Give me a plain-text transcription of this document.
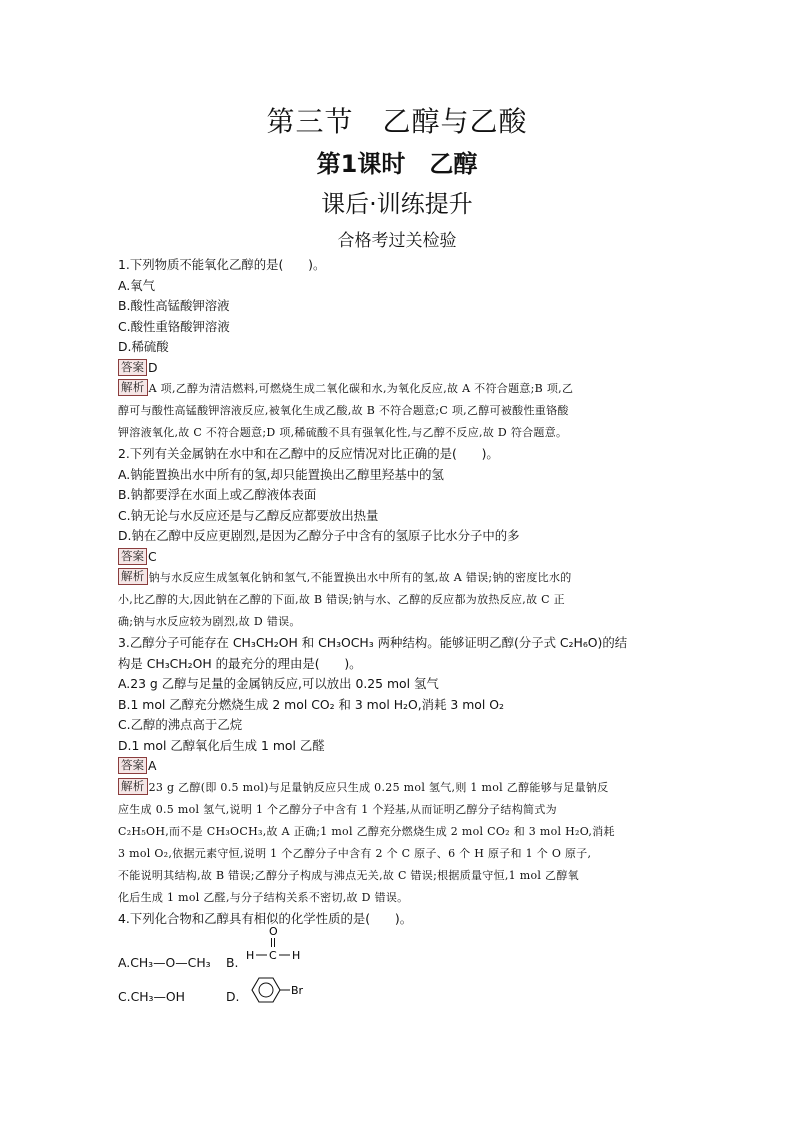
第三节　乙醇与乙酸
第1课时　乙醇
课后·训练提升
合格考过关检验
1.下列物质不能氧化乙醇的是(　　)。
A.氧气
B.酸性高锰酸钾溶液
C.酸性重铬酸钾溶液
D.稀硫酸
答案 D
解析 A 项,乙醇为清洁燃料,可燃烧生成二氧化碳和水,为氧化反应,故 A 不符合题意;B 项,乙
醇可与酸性高锰酸钾溶液反应,被氧化生成乙酸,故 B 不符合题意;C 项,乙醇可被酸性重铬酸
钾溶液氧化,故 C 不符合题意;D 项,稀硫酸不具有强氧化性,与乙醇不反应,故 D 符合题意。
2.下列有关金属钠在水中和在乙醇中的反应情况对比正确的是(　　)。
A.钠能置换出水中所有的氢,却只能置换出乙醇里羟基中的氢
B.钠都要浮在水面上或乙醇液体表面
C.钠无论与水反应还是与乙醇反应都要放出热量
D.钠在乙醇中反应更剧烈,是因为乙醇分子中含有的氢原子比水分子中的多
答案 C
解析 钠与水反应生成氢氧化钠和氢气,不能置换出水中所有的氢,故 A 错误;钠的密度比水的
小,比乙醇的大,因此钠在乙醇的下面,故 B 错误;钠与水、乙醇的反应都为放热反应,故 C 正
确;钠与水反应较为剧烈,故 D 错误。
3.乙醇分子可能存在 CH₃CH₂OH 和 CH₃OCH₃ 两种结构。能够证明乙醇(分子式 C₂H₆O)的结
构是 CH₃CH₂OH 的最充分的理由是(　　)。
A.23 g 乙醇与足量的金属钠反应,可以放出 0.25 mol 氢气
B.1 mol 乙醇充分燃烧生成 2 mol CO₂ 和 3 mol H₂O,消耗 3 mol O₂
C.乙醇的沸点高于乙烷
D.1 mol 乙醇氧化后生成 1 mol 乙醛
答案 A
解析 23 g 乙醇(即 0.5 mol)与足量钠反应只生成 0.25 mol 氢气,则 1 mol 乙醇能够与足量钠反
应生成 0.5 mol 氢气,说明 1 个乙醇分子中含有 1 个羟基,从而证明乙醇分子结构简式为
C₂H₅OH,而不是 CH₃OCH₃,故 A 正确;1 mol 乙醇充分燃烧生成 2 mol CO₂ 和 3 mol H₂O,消耗
3 mol O₂,依据元素守恒,说明 1 个乙醇分子中含有 2 个 C 原子、6 个 H 原子和 1 个 O 原子,
不能说明其结构,故 B 错误;乙醇分子构成与沸点无关,故 C 错误;根据质量守恒,1 mol 乙醇氧
化后生成 1 mol 乙醛,与分子结构关系不密切,故 D 错误。
4.下列化合物和乙醇具有相似的化学性质的是(　　)。
A.CH₃—O—CH₃ B.
O
H C H
C.CH₃—OH	D.	Br
